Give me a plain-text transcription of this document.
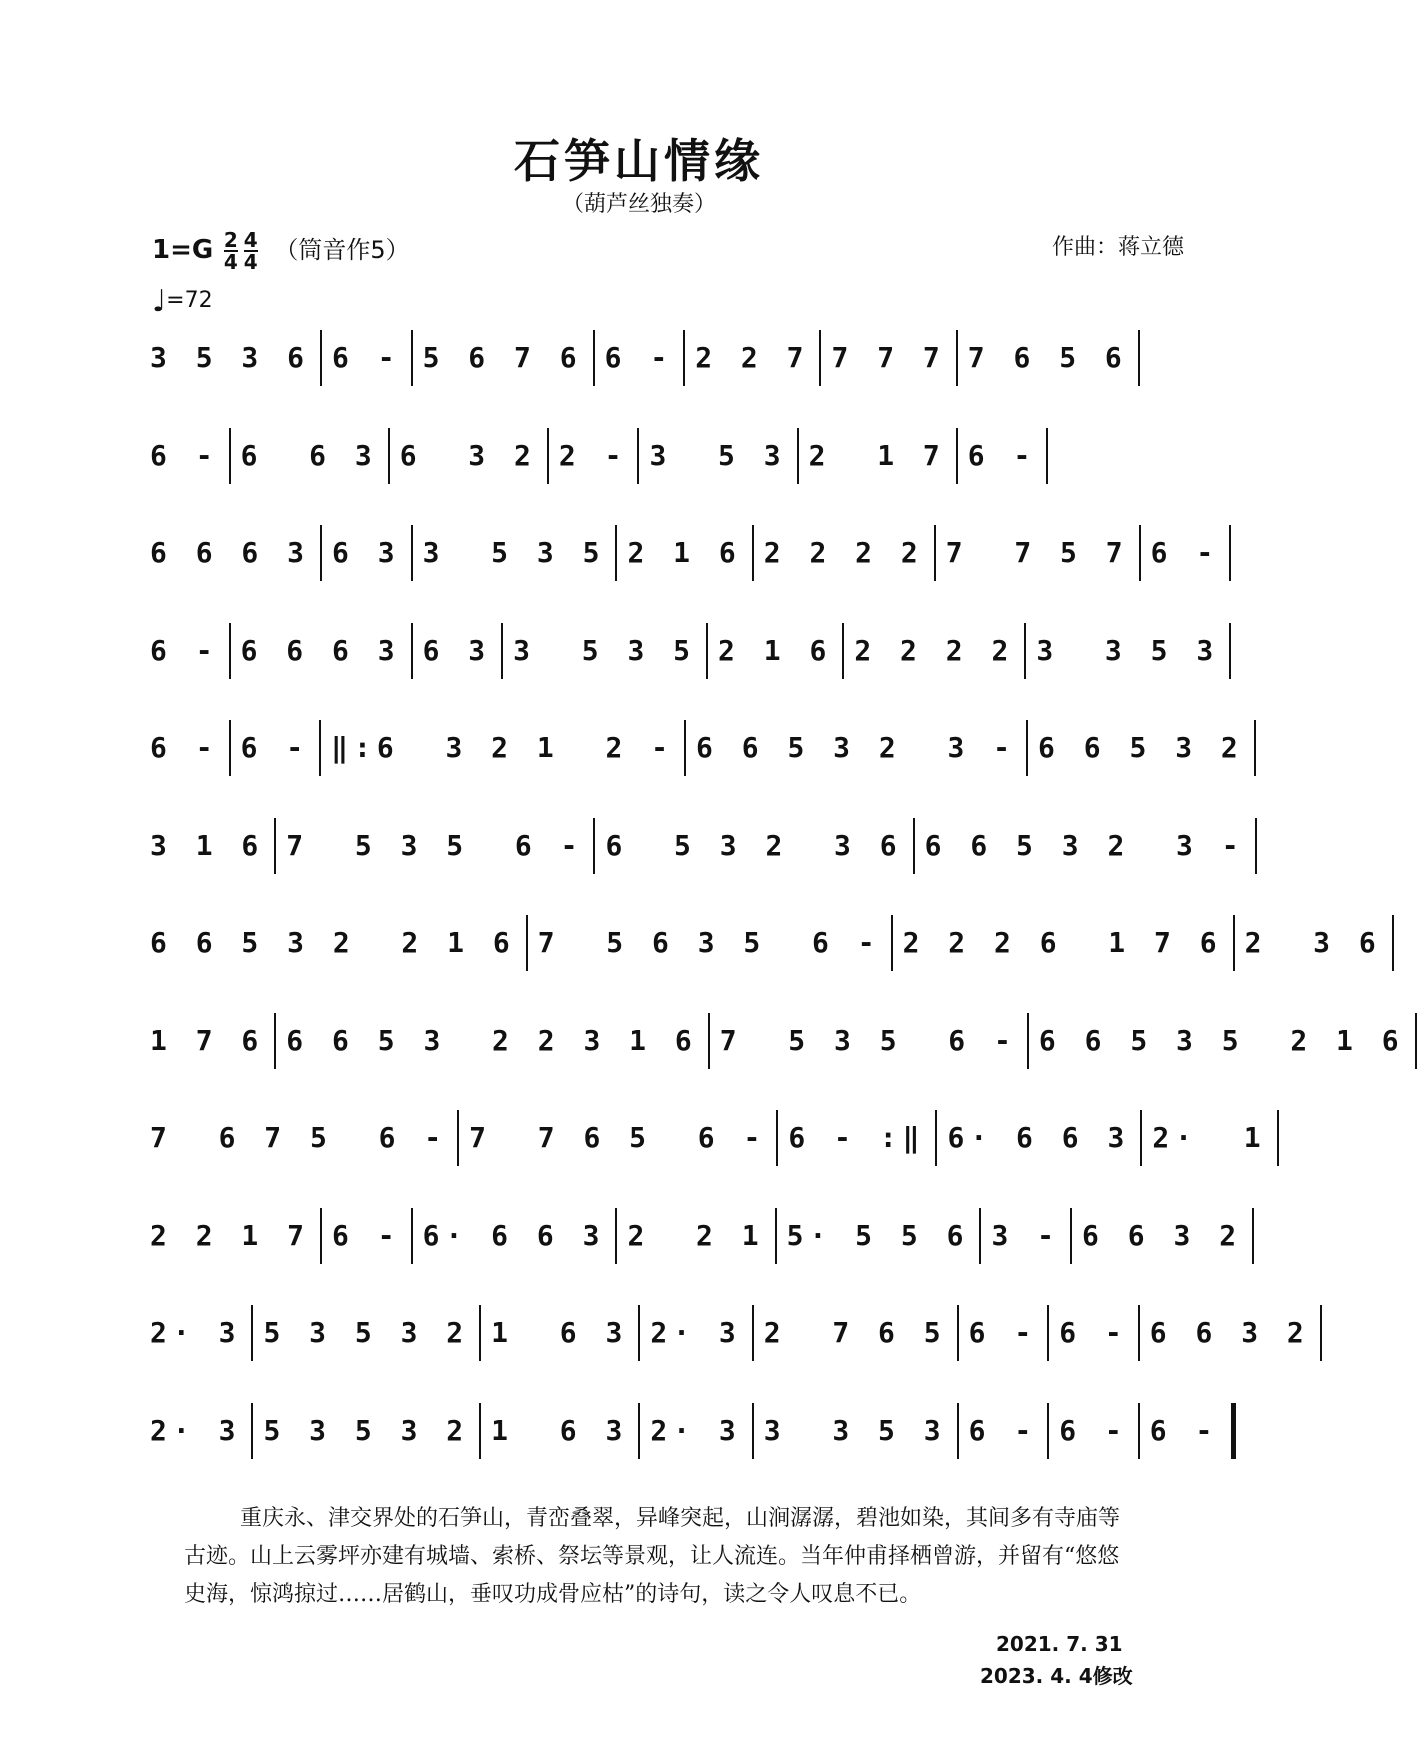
石笋山情缘
（葫芦丝独奏）
$1=G \frac{2}{4} \frac{4}{4}$ （筒音作5）	作曲：蒋立德
♩=72
3 5 3 6 6 - 5 6 7 6 6 - 2 2 7 7 7 7 7 6 5 6
6 - 6  6 3 6  3 2 2 - 3  5 3 2  1 7 6 -
6 6 6 3 6 3 3  5 3 5 2 1 6 2 2 2 2 7  7 5 7 6 -
6 - 6 6 6 3 6 3 3  5 3 5 2 1 6 2 2 2 2 3  3 5 3
6 - 6 - ‖:6  3 2 1  2 - 6 6 5 3 2  3 - 6 6 5 3 2
3 1 6 7  5 3 5  6 - 6  5 3 2  3 6 6 6 5 3 2  3 -
6 6 5 3 2  2 1 6 7  5 6 3 5  6 - 2 2 2 6  1 7 6 2  3 6
1 7 6 6 6 5 3  2 2 3 1 6 7  5 3 5  6 - 6 6 5 3 5  2 1 6
7  6 7 5  6 - 7  7 6 5  6 - 6 - :‖ 6· 6 6 3 2·  1
2 2 1 7 6 - 6· 6 6 3 2  2 1 5· 5 5 6 3 - 6 6 3 2
2· 3 5 3 5 3 2 1  6 3 2· 3 2  7 6 5 6 - 6 - 6 6 3 2
2· 3 5 3 5 3 2 1  6 3 2· 3 3  3 5 3 6 - 6 - 6 -
重庆永、津交界处的石笋山，青峦叠翠，异峰突起，山涧潺潺，碧池如染，其间多有寺庙等古迹。山上云雾坪亦建有城墙、索桥、祭坛等景观，让人流连。当年仲甫择栖曾游，并留有“悠悠史海，惊鸿掠过……居鹤山，垂叹功成骨应枯”的诗句，读之令人叹息不已。
2021. 7. 31
2023. 4. 4修改
